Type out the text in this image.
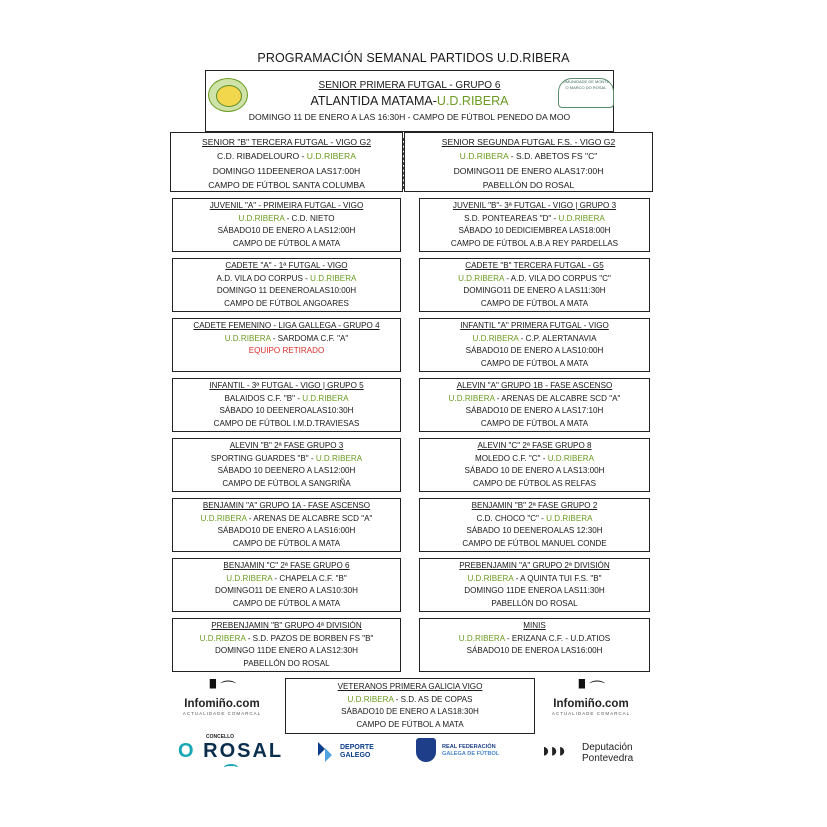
PROGRAMACIÓN SEMANAL PARTIDOS U.D.RIBERA
SENIOR PRIMERA FUTGAL - GRUPO 6
ATLANTIDA MATAMA-U.D.RIBERA
DOMINGO 11 DE ENERO A LAS 16:30H - CAMPO DE FÚTBOL PENEDO DA MOO
COMUNIDADE DE MONTES O MARCO DO ROSAL
SENIOR "B" TERCERA FUTGAL - VIGO G2
C.D. RIBADELOURO - U.D.RIBERA
DOMINGO 11DEENEROA LAS17:00H
CAMPO DE FÚTBOL SANTA COLUMBA
SENIOR SEGUNDA FUTGAL F.S. - VIGO G2
U.D.RIBERA - S.D. ABETOS FS "C"
DOMINGO11 DE ENERO ALAS17:00H
PABELLÓN DO ROSAL
JUVENIL "A" - PRIMEIRA FUTGAL - VIGO
U.D.RIBERA - C.D. NIETO
SÁBADO10 DE ENERO A LAS12:00H
CAMPO DE FÚTBOL A MATA
CADETE "A" - 1ª FUTGAL - VIGO
A.D. VILA DO CORPUS - U.D.RIBERA
DOMINGO 11 DEENEROALAS10:00H
CAMPO DE FÚTBOL ANGOARES
CADETE FEMENINO - LIGA GALLEGA - GRUPO 4
U.D.RIBERA - SARDOMA C.F. "A"
EQUIPO RETIRADO
INFANTIL - 3ª FUTGAL - VIGO | GRUPO 5
BALAIDOS C.F. "B" - U.D.RIBERA
SÁBADO 10 DEENEROALAS10:30H
CAMPO DE FÚTBOL I.M.D.TRAVIESAS
ALEVIN "B" 2ª FASE GRUPO 3
SPORTING GUARDES "B" - U.D.RIBERA
SÁBADO 10 DEENERO A LAS12:00H
CAMPO DE FÚTBOL A SANGRIÑA
BENJAMIN "A" GRUPO 1A - FASE ASCENSO
U.D.RIBERA - ARENAS DE ALCABRE SCD "A"
SÁBADO10 DE ENERO A LAS16:00H
CAMPO DE FÚTBOL A MATA
BENJAMIN "C" 2ª FASE GRUPO 6
U.D.RIBERA - CHAPELA C.F. "B"
DOMINGO11 DE ENERO A LAS10:30H
CAMPO DE FÚTBOL A MATA
PREBENJAMIN "B" GRUPO 4ª DIVISIÓN
U.D.RIBERA - S.D. PAZOS DE BORBEN FS "B"
DOMINGO 11DE ENERO A LAS12:30H
PABELLÓN DO ROSAL
JUVENIL "B"- 3ª FUTGAL - VIGO | GRUPO 3
S.D. PONTEAREAS "D" - U.D.RIBERA
SÁBADO 10 DEDICIEMBREA LAS18:00H
CAMPO DE FÚTBOL A.B.A REY PARDELLAS
CADETE "B" TERCERA FUTGAL - G5
U.D.RIBERA - A.D. VILA DO CORPUS "C"
DOMINGO11 DE ENERO A LAS11:30H
CAMPO DE FÚTBOL A MATA
INFANTIL "A" PRIMERA FUTGAL - VIGO
U.D.RIBERA - C.P. ALERTANAVIA
SÁBADO10 DE ENERO A LAS10:00H
CAMPO DE FÚTBOL A MATA
ALEVIN "A" GRUPO 1B - FASE ASCENSO
U.D.RIBERA - ARENAS DE ALCABRE SCD "A"
SÁBADO10 DE ENERO A LAS17:10H
CAMPO DE FÚTBOL A MATA
ALEVIN "C" 2ª FASE GRUPO 8
MOLEDO C.F. "C" - U.D.RIBERA
SÁBADO 10 DE ENERO A LAS13:00H
CAMPO DE FÚTBOL AS RELFAS
BENJAMIN "B" 2ª FASE GRUPO 2
C.D. CHOCO "C" - U.D.RIBERA
SÁBADO 10 DEENEROALAS 12:30H
CAMPO DE FÚTBOL MANUEL CONDE
PREBENJAMIN "A" GRUPO 2ª DIVISIÓN
U.D.RIBERA - A QUINTA TUI F.S. "B"
DOMINGO 11DE ENEROA LAS11:30H
PABELLÓN DO ROSAL
MINIS
U.D.RIBERA - ERIZANA C.F. - U.D.ATIOS
SÁBADO10 DE ENEROA LAS16:00H
VETERANOS PRIMERA GALICIA VIGO
U.D.RIBERA - S.D. AS DE COPAS
SÁBADO10 DE ENERO A LAS18:30H
CAMPO DE FÚTBOL A MATA
▘⌒
Infomiño.com
ACTUALIDADE COMARCAL
▘⌒
Infomiño.com
ACTUALIDADE COMARCAL
CONCELLO
O ROSAL	DEPORTE
GALEGO
REAL FEDERACIÓN
GALEGA DE FÚTBOL ◗◗◗ Deputación
Pontevedra
